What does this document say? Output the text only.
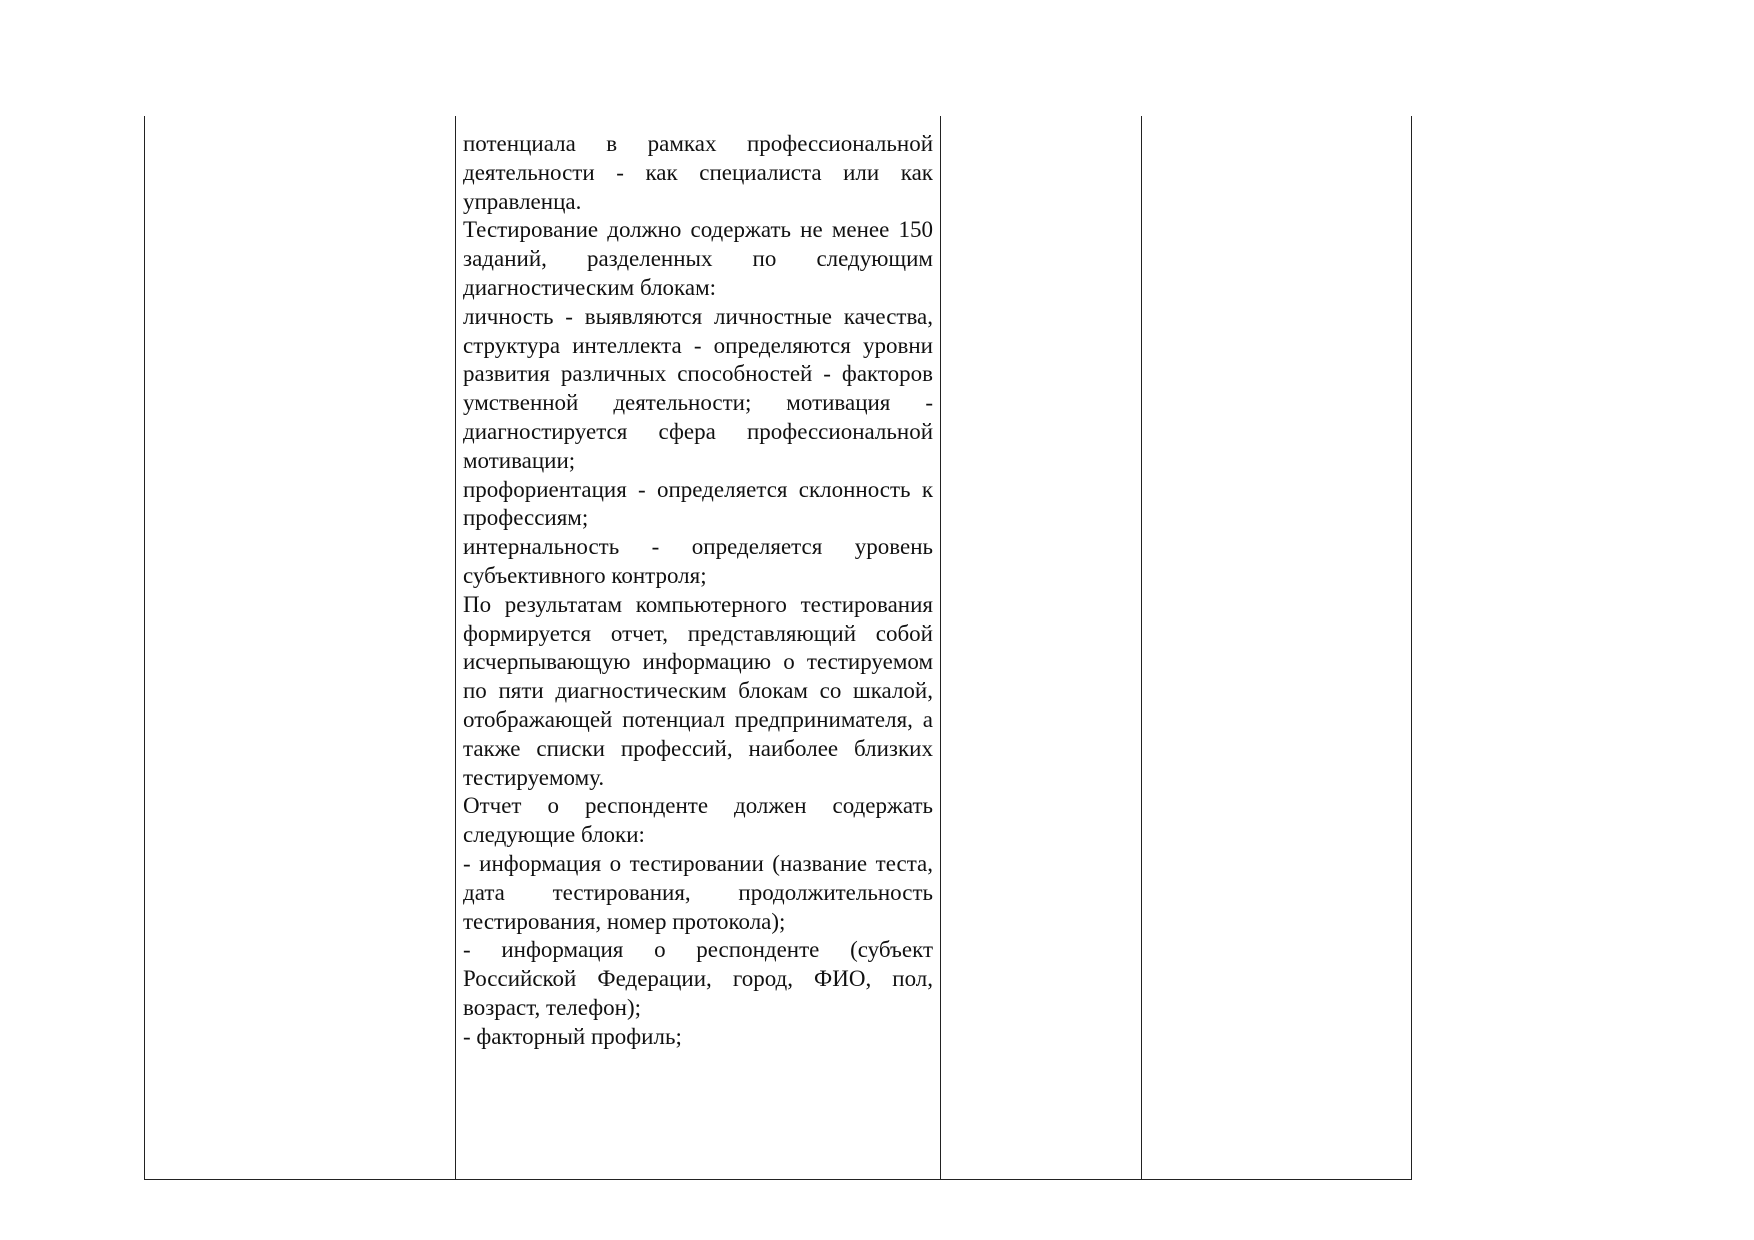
потенциала в рамках профессиональной деятельности - как специалиста или как управленца.

Тестирование должно содержать не менее 150 заданий, разделенных по следующим диагностическим блокам:

личность - выявляются личностные качества, структура интеллекта - определяются уровни развития различных способностей - факторов умственной деятельности; мотивация - диагностируется сфера профессиональной мотивации;

профориентация - определяется склонность к профессиям;

интернальность - определяется уровень субъективного контроля;

По результатам компьютерного тестирования формируется отчет, представляющий собой исчерпывающую информацию о тестируемом по пяти диагностическим блокам со шкалой, отображающей потенциал предпринимателя, а также списки профессий, наиболее близких тестируемому.

Отчет о респонденте должен содержать следующие блоки:

- информация о тестировании (название теста, дата тестирования, продолжительность тестирования, номер протокола);

- информация о респонденте (субъект Российской Федерации, город, ФИО, пол, возраст, телефон);

- факторный профиль;
